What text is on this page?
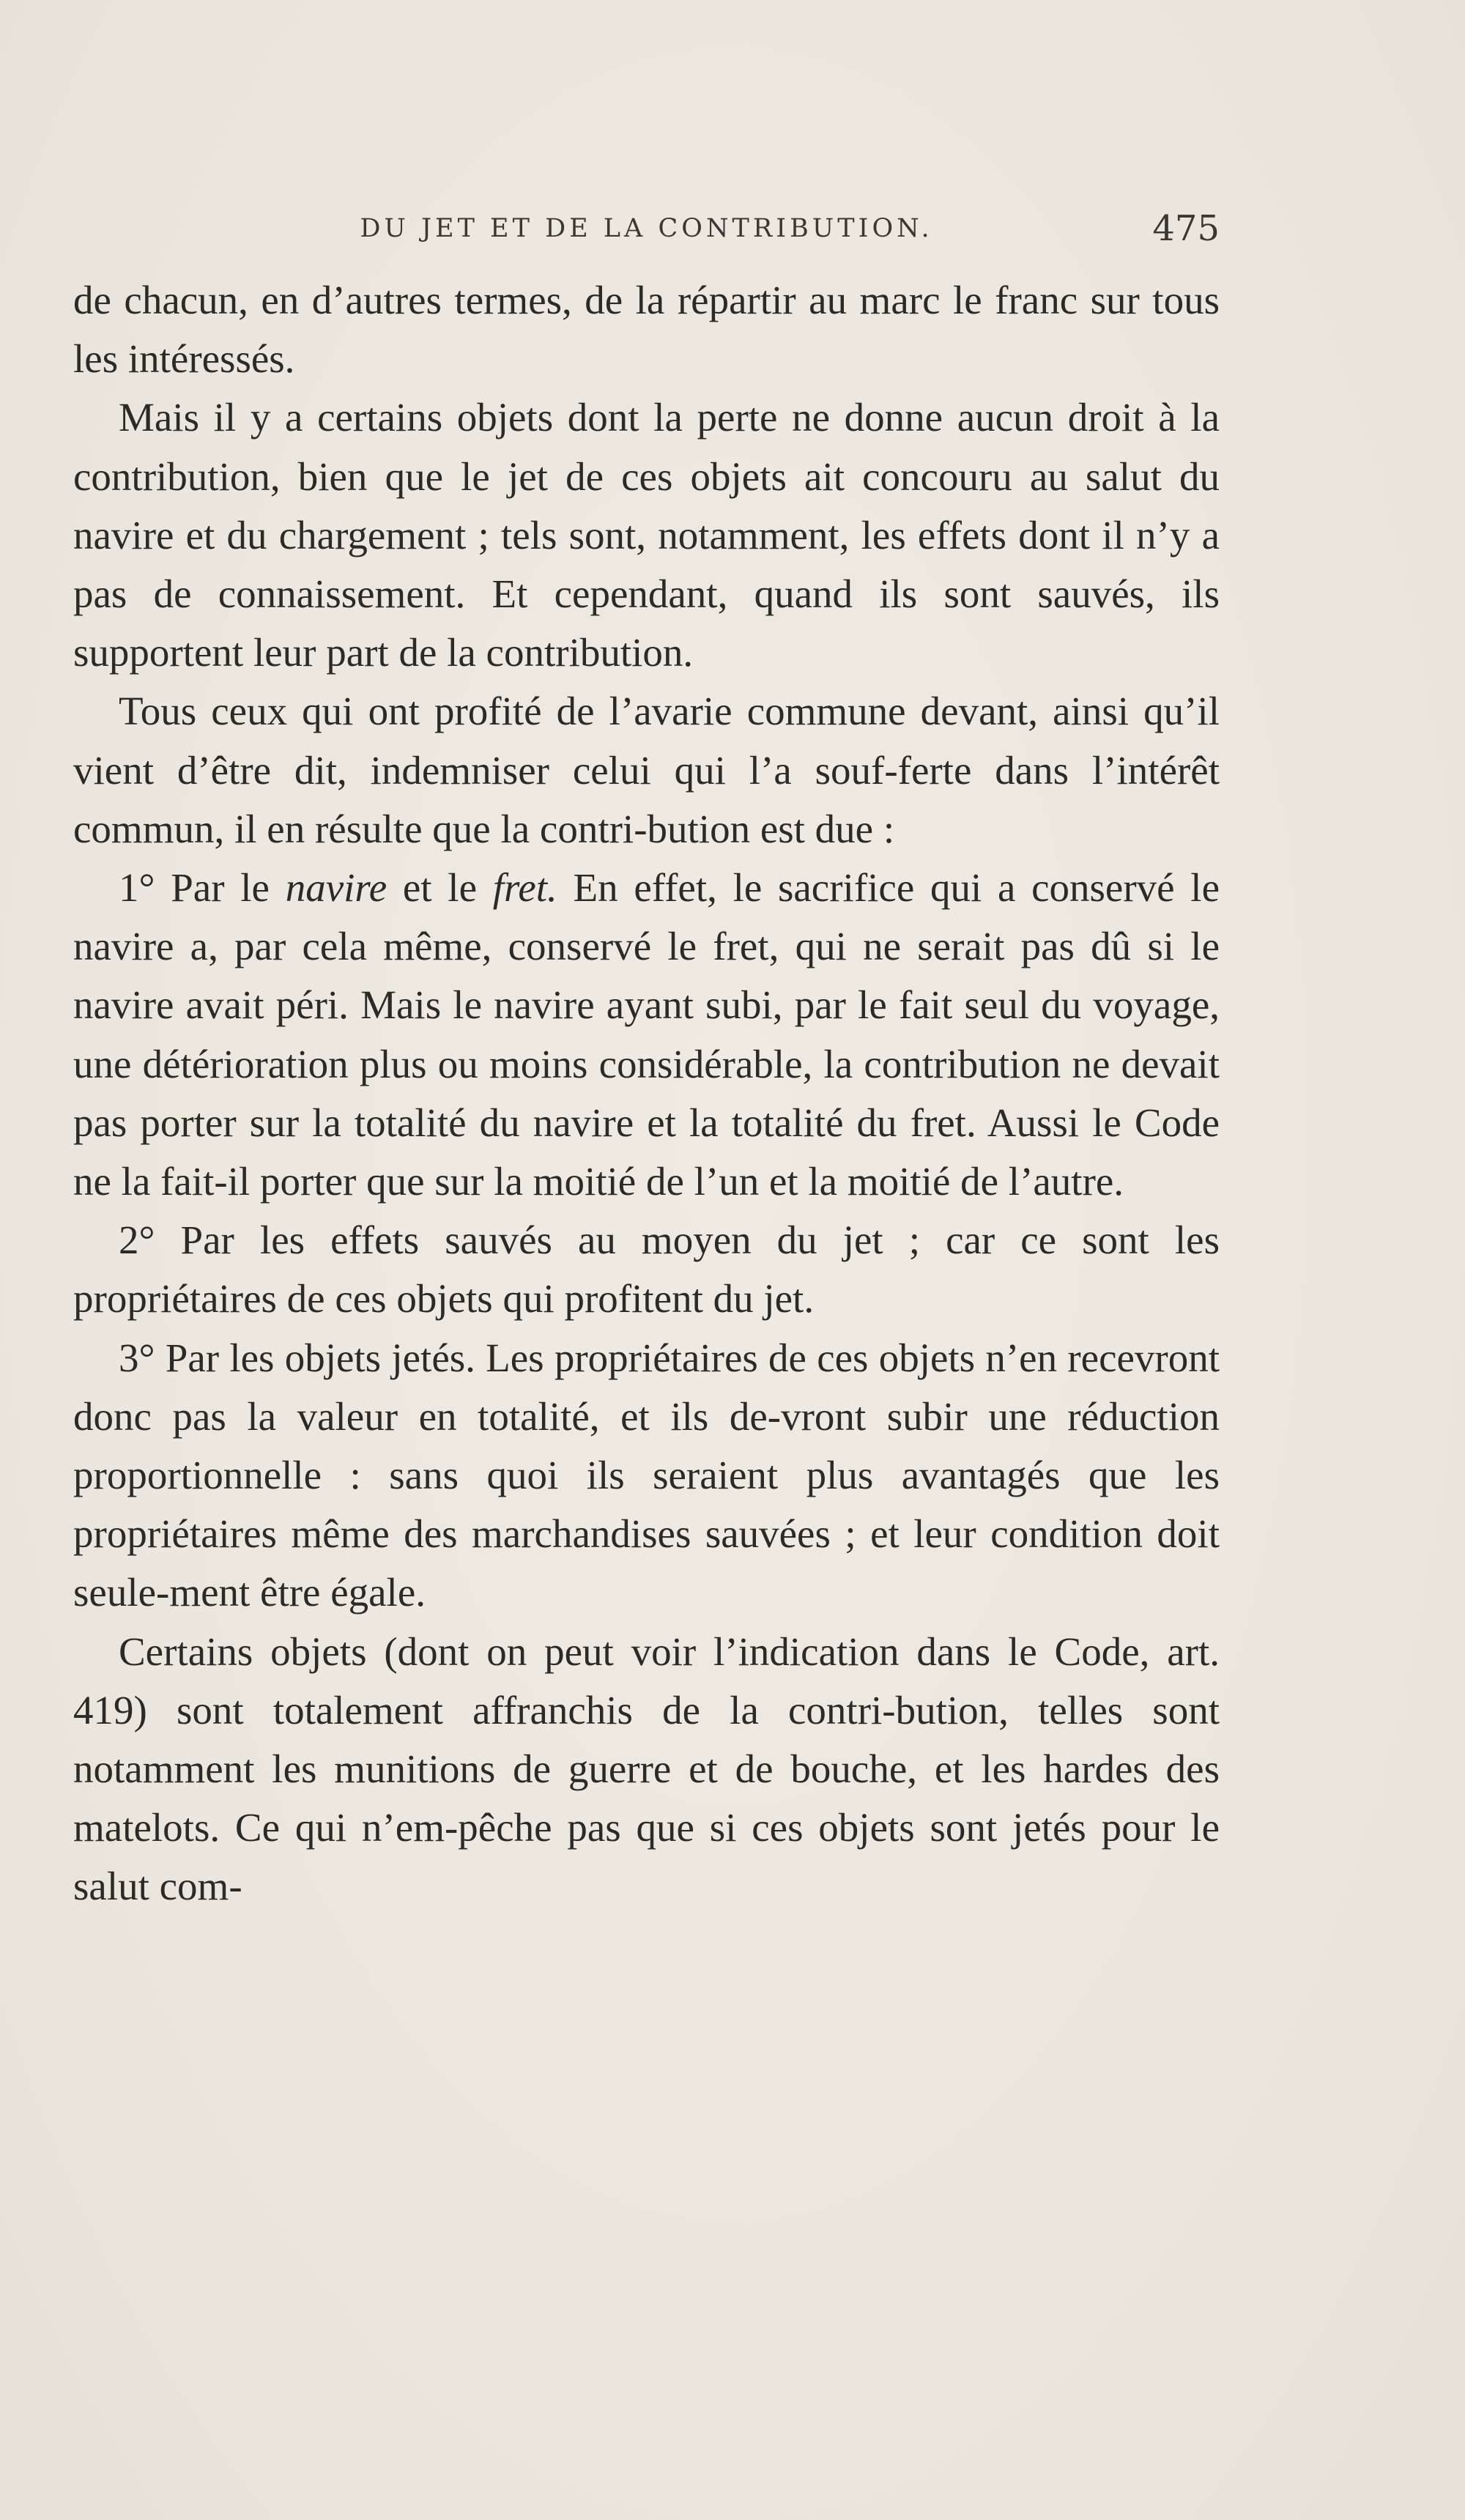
DU JET ET DE LA CONTRIBUTION.	475

de chacun, en d’autres termes, de la répartir au marc le franc sur tous les intéressés.

Mais il y a certains objets dont la perte ne donne aucun droit à la contribution, bien que le jet de ces objets ait concouru au salut du navire et du chargement ; tels sont, notamment, les effets dont il n’y a pas de connaissement. Et cependant, quand ils sont sauvés, ils supportent leur part de la contribution.

Tous ceux qui ont profité de l’avarie commune devant, ainsi qu’il vient d’être dit, indemniser celui qui l’a souf-ferte dans l’intérêt commun, il en résulte que la contri-bution est due :

1° Par le navire et le fret. En effet, le sacrifice qui a conservé le navire a, par cela même, conservé le fret, qui ne serait pas dû si le navire avait péri. Mais le navire ayant subi, par le fait seul du voyage, une détérioration plus ou moins considérable, la contribution ne devait pas porter sur la totalité du navire et la totalité du fret. Aussi le Code ne la fait-il porter que sur la moitié de l’un et la moitié de l’autre.

2° Par les effets sauvés au moyen du jet ; car ce sont les propriétaires de ces objets qui profitent du jet.

3° Par les objets jetés. Les propriétaires de ces objets n’en recevront donc pas la valeur en totalité, et ils de-vront subir une réduction proportionnelle : sans quoi ils seraient plus avantagés que les propriétaires même des marchandises sauvées ; et leur condition doit seule-ment être égale.

Certains objets (dont on peut voir l’indication dans le Code, art. 419) sont totalement affranchis de la contri-bution, telles sont notamment les munitions de guerre et de bouche, et les hardes des matelots. Ce qui n’em-pêche pas que si ces objets sont jetés pour le salut com-
